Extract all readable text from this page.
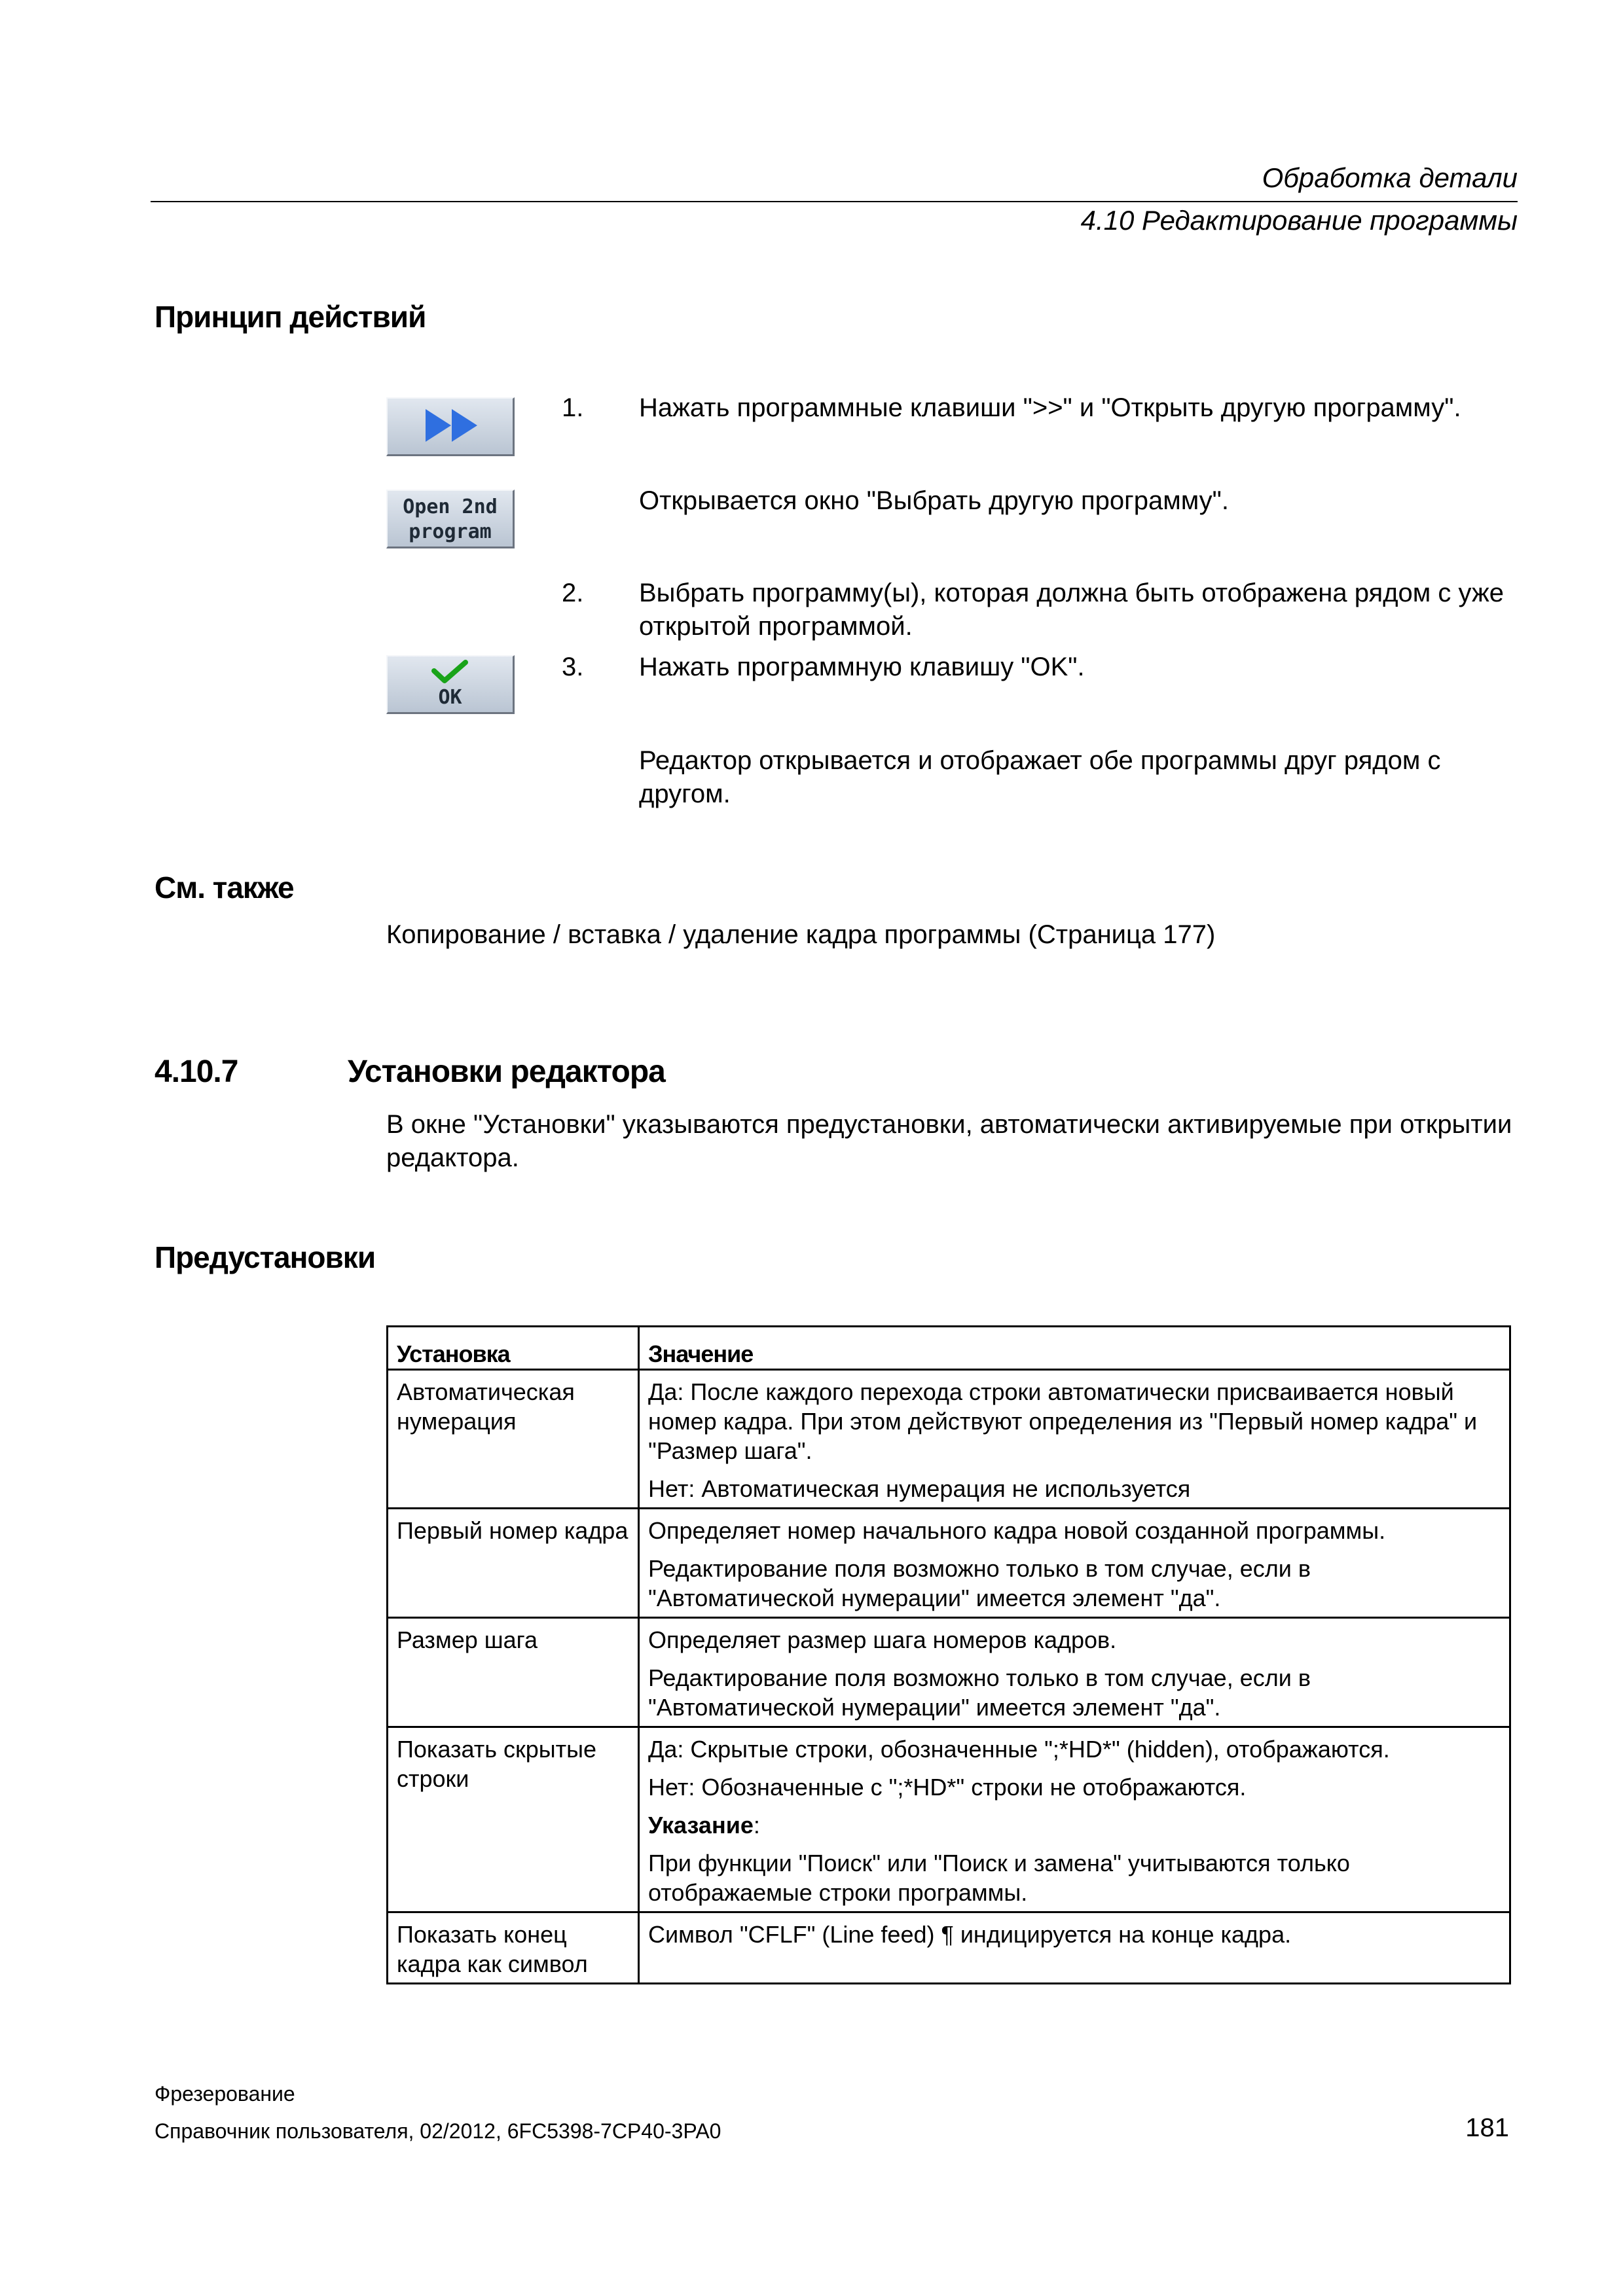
Обработка детали
4.10 Редактирование программы
Принцип действий
Open 2nd
program
OK
1. Нажать программные клавиши ">>" и "Открыть другую программу".
Открывается окно "Выбрать другую программу".
2. Выбрать программу(ы), которая должна быть отображена рядом с уже открытой программой.
3. Нажать программную клавишу "OK".
Редактор открывается и отображает обе программы друг рядом с другом.
См. также
Копирование / вставка / удаление кадра программы (Страница 177)
4.10.7	Установки редактора
В окне "Установки" указываются предустановки, автоматически активируемые при открытии редактора.
Предустановки
Установка	Значение
Автоматическая нумерация	Да: После каждого перехода строки автоматически присваивается новый номер кадра. При этом действуют определения из "Первый номер кадра" и "Размер шага".

Нет: Автоматическая нумерация не используется

Первый номер кадра	Определяет номер начального кадра новой созданной программы.

Редактирование поля возможно только в том случае, если в "Автоматической нумерации" имеется элемент "да".

Размер шага	Определяет размер шага номеров кадров.

Редактирование поля возможно только в том случае, если в "Автоматической нумерации" имеется элемент "да".

Показать скрытые строки	Да: Скрытые строки, обозначенные ";*HD*" (hidden), отображаются.

Нет: Обозначенные с ";*HD*" строки не отображаются.

Указание:

При функции "Поиск" или "Поиск и замена" учитываются только отображаемые строки программы.

Показать конец кадра как символ	Символ "CFLF" (Line feed) ¶ индицируется на конце кадра.

Фрезерование
Справочник пользователя, 02/2012, 6FC5398-7CP40-3PA0	181
